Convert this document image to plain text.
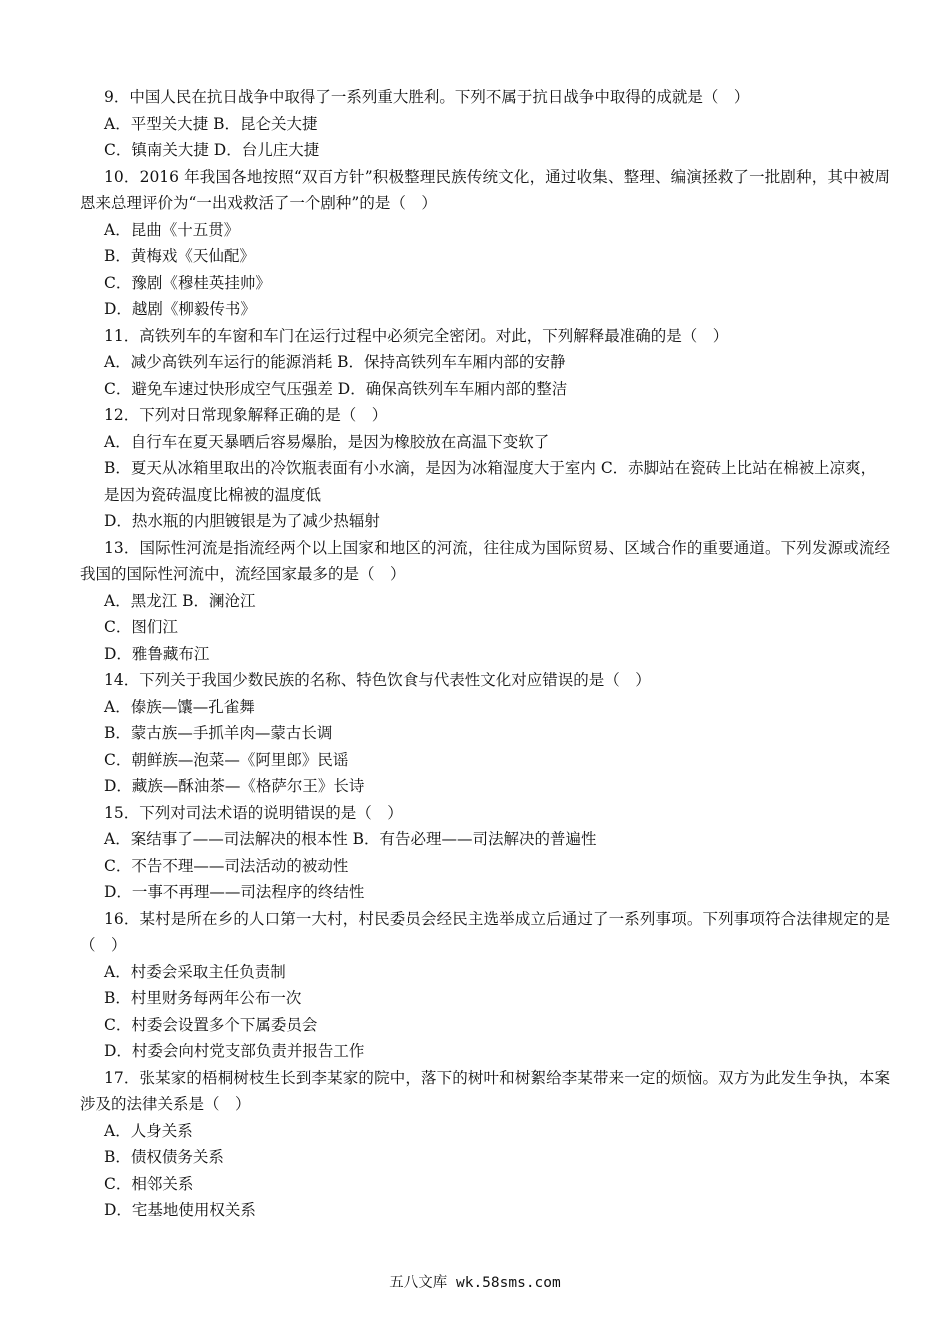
9．中国人民在抗日战争中取得了一系列重大胜利。下列不属于抗日战争中取得的成就是（　）
A．平型关大捷 B．昆仑关大捷
C．镇南关大捷 D．台儿庄大捷
10．2016 年我国各地按照“双百方针”积极整理民族传统文化，通过收集、整理、编演拯救了一批剧种，其中被周恩来总理评价为“一出戏救活了一个剧种”的是（　）
A．昆曲《十五贯》
B．黄梅戏《天仙配》
C．豫剧《穆桂英挂帅》
D．越剧《柳毅传书》
11．高铁列车的车窗和车门在运行过程中必须完全密闭。对此，下列解释最准确的是（　）
A．减少高铁列车运行的能源消耗 B．保持高铁列车车厢内部的安静
C．避免车速过快形成空气压强差 D．确保高铁列车车厢内部的整洁
12．下列对日常现象解释正确的是（　）
A．自行车在夏天暴晒后容易爆胎，是因为橡胶放在高温下变软了
B．夏天从冰箱里取出的冷饮瓶表面有小水滴，是因为冰箱湿度大于室内 C．赤脚站在瓷砖上比站在棉被上凉爽，是因为瓷砖温度比棉被的温度低
D．热水瓶的内胆镀银是为了减少热辐射
13．国际性河流是指流经两个以上国家和地区的河流，往往成为国际贸易、区域合作的重要通道。下列发源或流经我国的国际性河流中，流经国家最多的是（　）
A．黑龙江 B．澜沧江
C．图们江
D．雅鲁藏布江
14．下列关于我国少数民族的名称、特色饮食与代表性文化对应错误的是（　）
A．傣族—馕—孔雀舞
B．蒙古族—手抓羊肉—蒙古长调
C．朝鲜族—泡菜—《阿里郎》民谣
D．藏族—酥油茶—《格萨尔王》长诗
15．下列对司法术语的说明错误的是（　）
A．案结事了——司法解决的根本性 B．有告必理——司法解决的普遍性
C．不告不理——司法活动的被动性
D．一事不再理——司法程序的终结性
16．某村是所在乡的人口第一大村，村民委员会经民主选举成立后通过了一系列事项。下列事项符合法律规定的是（　）
A．村委会采取主任负责制
B．村里财务每两年公布一次
C．村委会设置多个下属委员会
D．村委会向村党支部负责并报告工作
17．张某家的梧桐树枝生长到李某家的院中，落下的树叶和树絮给李某带来一定的烦恼。双方为此发生争执，本案涉及的法律关系是（　）
A．人身关系
B．债权债务关系
C．相邻关系
D．宅基地使用权关系
五八文库 wk.58sms.com
